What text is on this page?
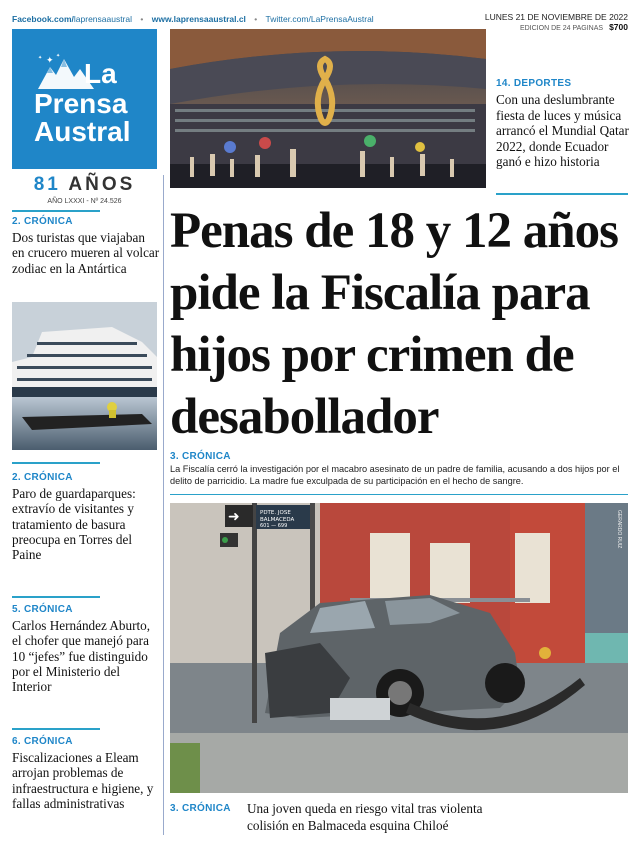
Facebook.com/laprensaaustral • www.laprensaaustral.cl • Twitter.com/LaPrensaAustral	LUNES 21 DE NOVIEMBRE DE 2022
EDICION DE 24 PAGINAS $700
✦
✦	✦
La
Prensa
Austral
81 AÑOS
AÑO LXXXI - Nº 24.526
14. DEPORTES
Con una deslumbrante fiesta de luces y música arrancó el Mundial Qatar 2022, donde Ecuador ganó e hizo historia
2. CRÓNICA
Dos turistas que viajaban en crucero mueren al volcar zodiac en la Antártica
2. CRÓNICA
Paro de guardaparques: extravío de visitantes y tratamiento de basura preocupa en Torres del Paine
5. CRÓNICA
Carlos Hernández Aburto, el chofer que manejó para 10 “jefes” fue distinguido por el Ministerio del Interior
6. CRÓNICA
Fiscalizaciones a Eleam arrojan problemas de infraestructura e higiene, y fallas administrativas
Penas de 18 y 12 años pide la Fiscalía para hijos por crimen de desabollador
3. CRÓNICA
La Fiscalía cerró la investigación por el macabro asesinato de un padre de familia, acusando a dos hijos por el delito de parricidio. La madre fue exculpada de su participación en el hecho de sangre.
➜	PDTE. JOSE
BALMACEDA
601 — 699	GERARDO RUIZ
3. CRÓNICA Una joven queda en riesgo vital tras violenta
colisión en Balmaceda esquina Chiloé
